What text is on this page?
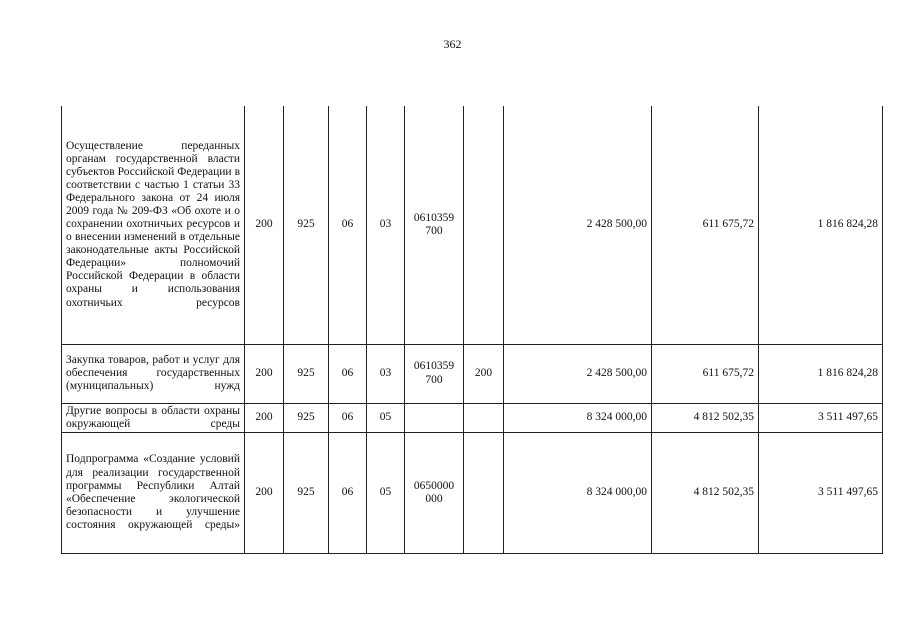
362
Осуществление переданных органам государственной власти субъектов Российской Федерации в соответствии с частью 1 статьи 33 Федерального закона от 24 июля 2009 года № 209-ФЗ «Об охоте и о сохранении охотничьих ресурсов и о внесении изменений в отдельные законодательные акты Российской Федерации» полномочий Российской Федерации в области охраны и использования охотничьих ресурсов	200	925	06	03	0610359 700		2 428 500,00	611 675,72	1 816 824,28
Закупка товаров, работ и услуг для обеспечения государственных (муниципальных) нужд	200	925	06	03	0610359 700	200	2 428 500,00	611 675,72	1 816 824,28
Другие вопросы в области охраны окружающей среды	200	925	06	05			8 324 000,00	4 812 502,35	3 511 497,65
Подпрограмма «Создание условий для реализации государственной программы Республики Алтай «Обеспечение экологической безопасности и улучшение состояния окружающей среды»	200	925	06	05	0650000 000		8 324 000,00	4 812 502,35	3 511 497,65
